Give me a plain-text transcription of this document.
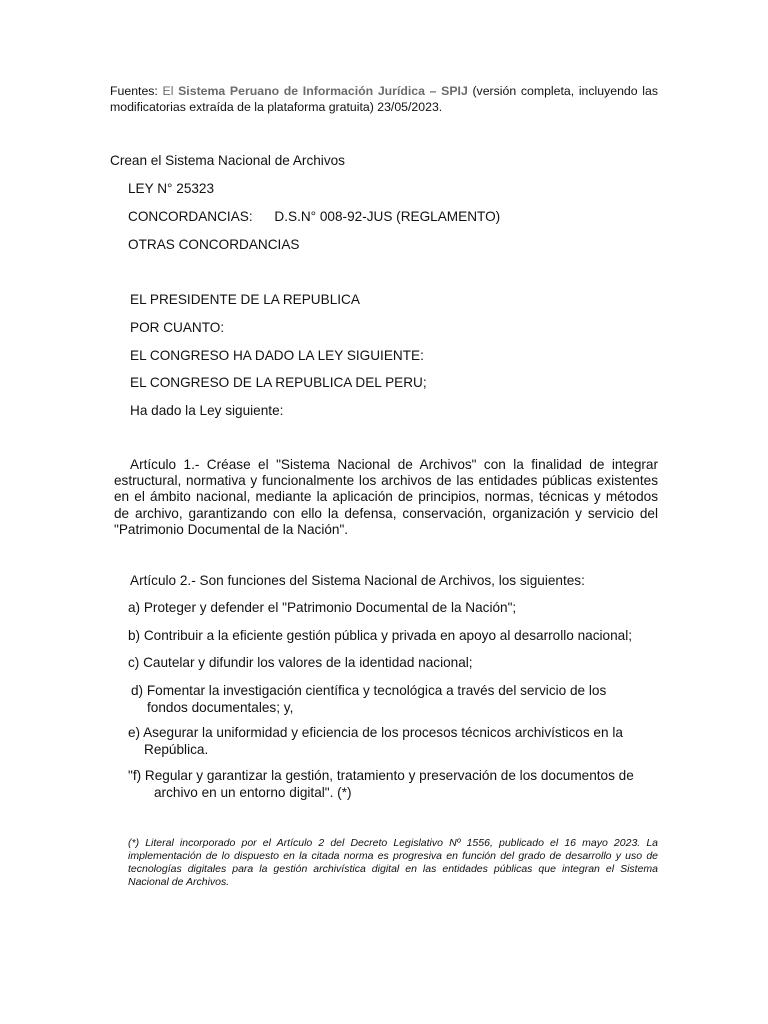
Fuentes: El Sistema Peruano de Información Jurídica – SPIJ (versión completa, incluyendo las modificatorias extraída de la plataforma gratuita) 23/05/2023.
Crean el Sistema Nacional de Archivos
LEY N° 25323
CONCORDANCIAS: D.S.N° 008-92-JUS (REGLAMENTO)
OTRAS CONCORDANCIAS
EL PRESIDENTE DE LA REPUBLICA
POR CUANTO:
EL CONGRESO HA DADO LA LEY SIGUIENTE:
EL CONGRESO DE LA REPUBLICA DEL PERU;
Ha dado la Ley siguiente:
Artículo 1.- Créase el "Sistema Nacional de Archivos" con la finalidad de integrar estructural, normativa y funcionalmente los archivos de las entidades públicas existentes en el ámbito nacional, mediante la aplicación de principios, normas, técnicas y métodos de archivo, garantizando con ello la defensa, conservación, organización y servicio del "Patrimonio Documental de la Nación".
Artículo 2.- Son funciones del Sistema Nacional de Archivos, los siguientes:
a) Proteger y defender el "Patrimonio Documental de la Nación";
b) Contribuir a la eficiente gestión pública y privada en apoyo al desarrollo nacional;
c) Cautelar y difundir los valores de la identidad nacional;
d) Fomentar la investigación científica y tecnológica a través del servicio de los
fondos documentales; y,
e) Asegurar la uniformidad y eficiencia de los procesos técnicos archivísticos en la
República.
"f) Regular y garantizar la gestión, tratamiento y preservación de los documentos de
archivo en un entorno digital". (*)
(*) Literal incorporado por el Artículo 2 del Decreto Legislativo Nº 1556, publicado el 16 mayo 2023. La implementación de lo dispuesto en la citada norma es progresiva en función del grado de desarrollo y uso de tecnologías digitales para la gestión archivística digital en las entidades públicas que integran el Sistema Nacional de Archivos.
